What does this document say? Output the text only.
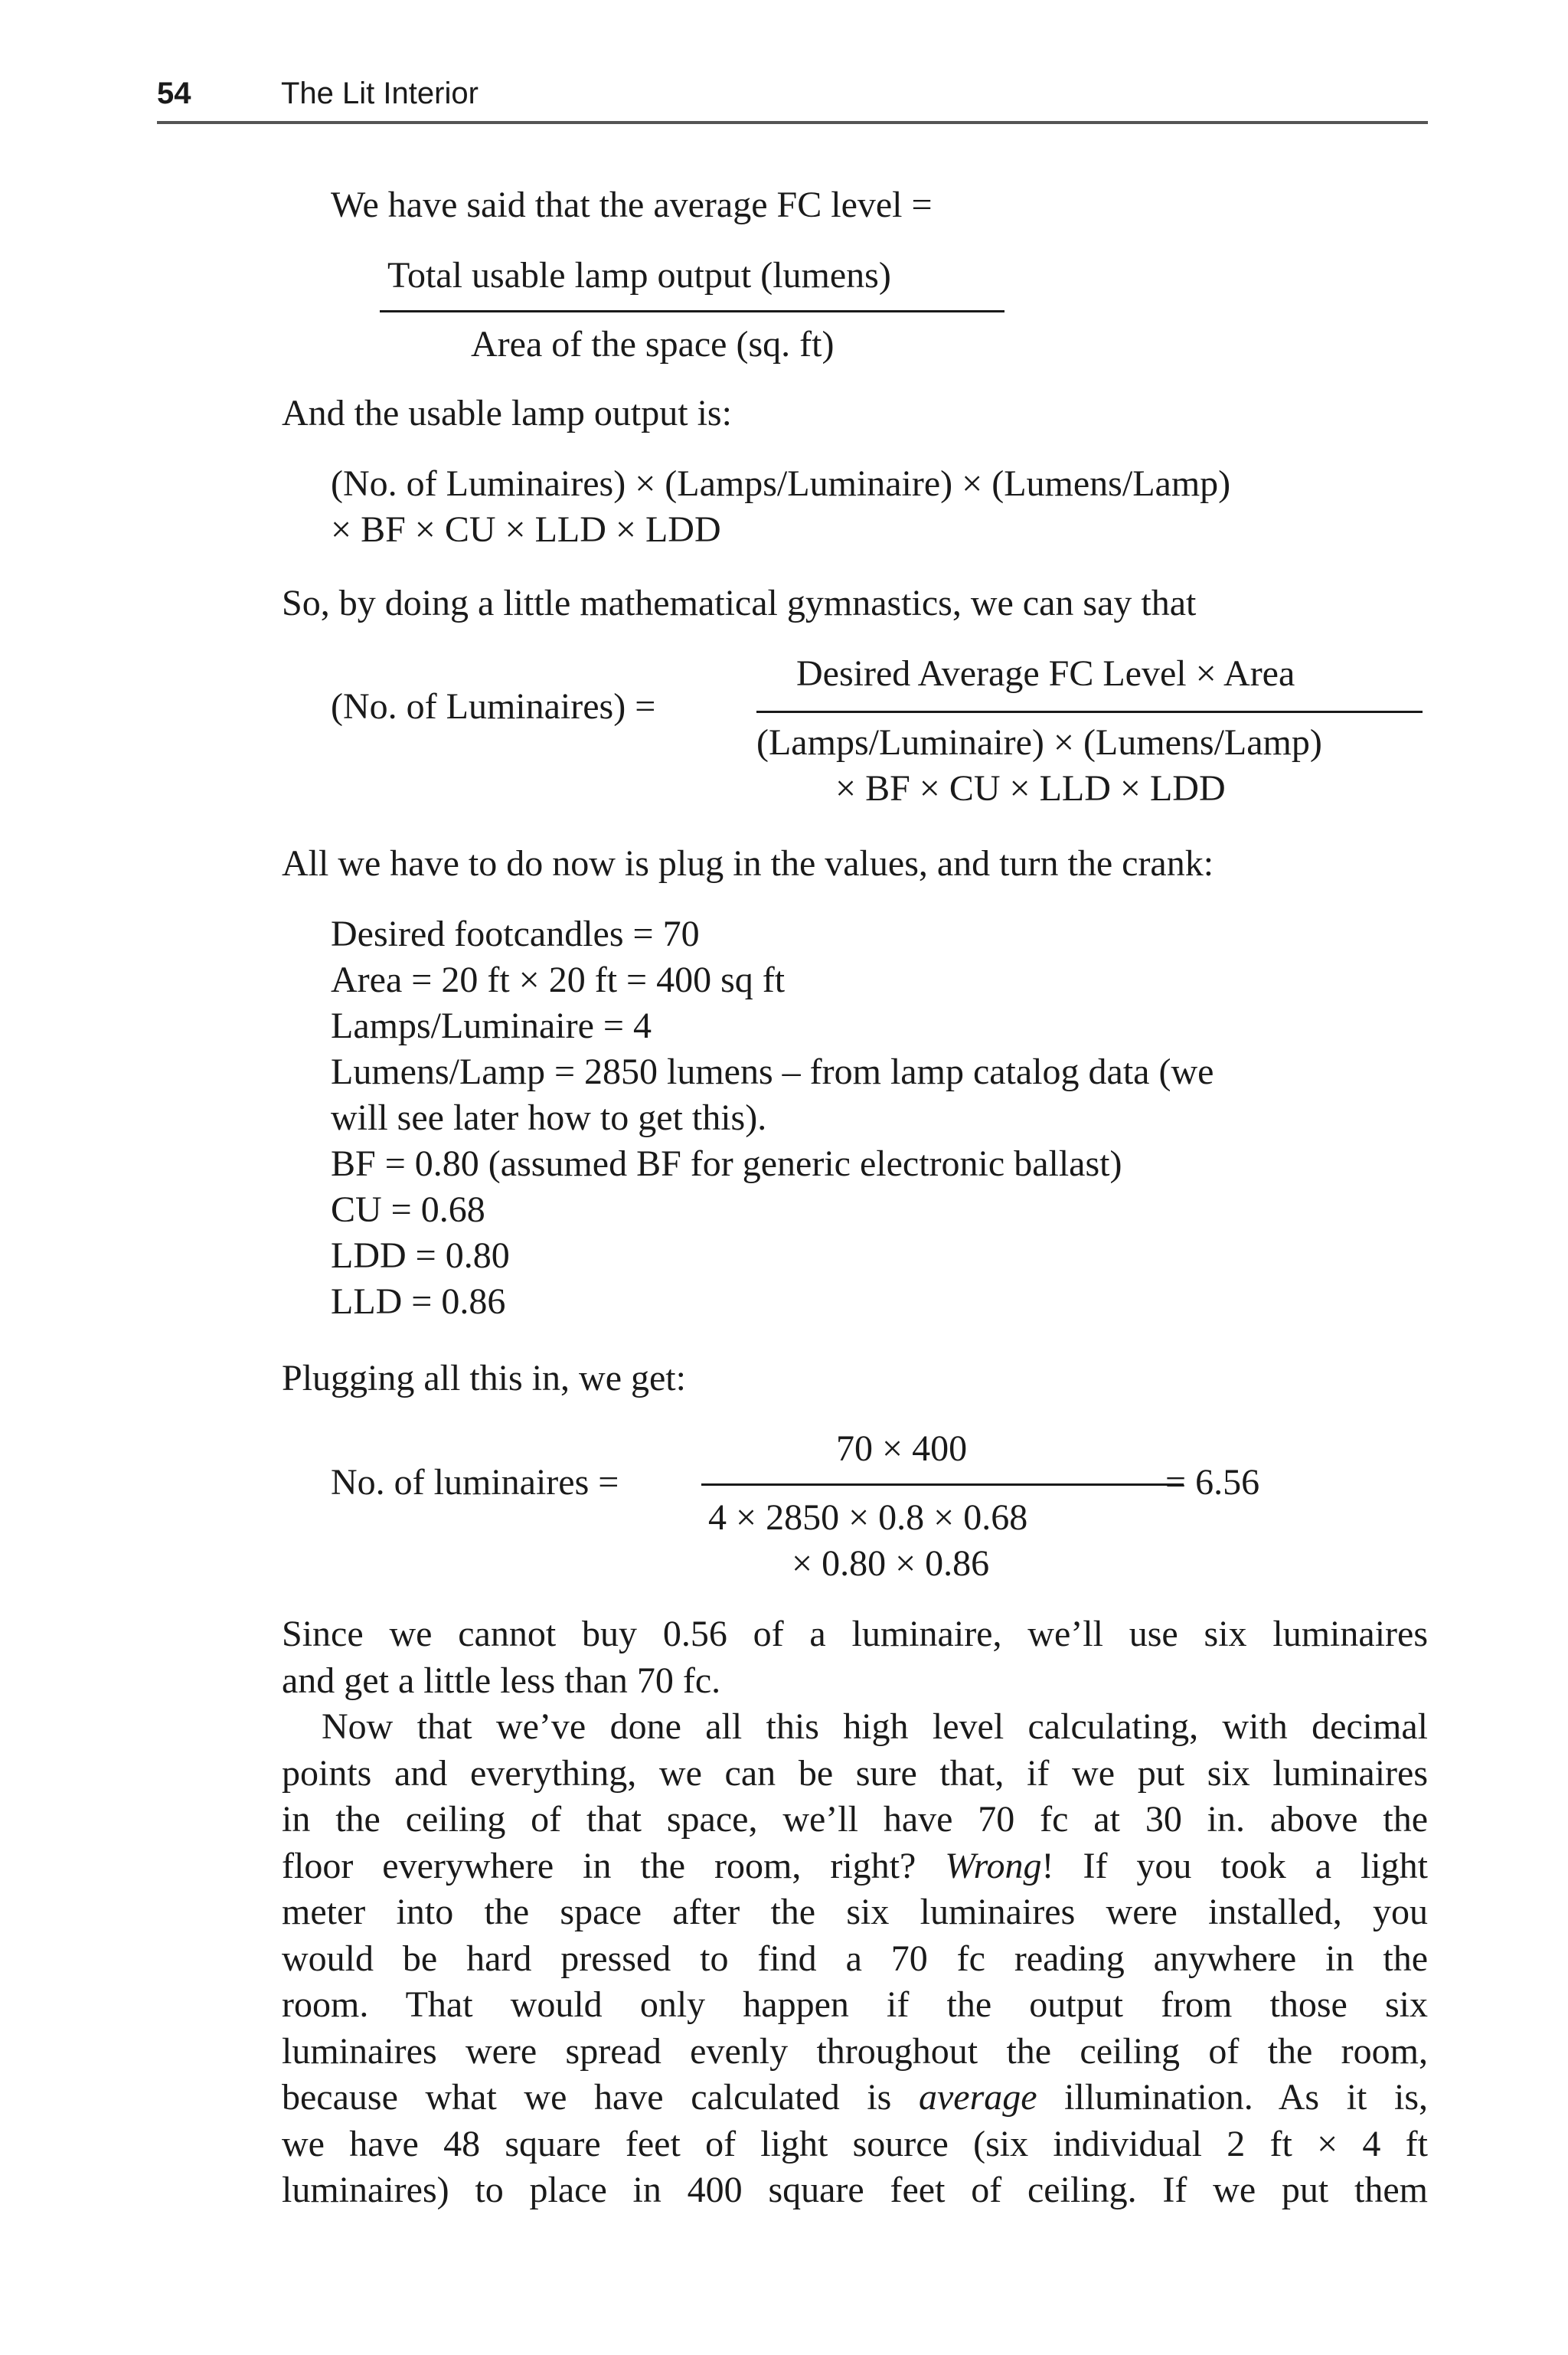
54	The Lit Interior
We have said that the average FC level =
Total usable lamp output (lumens)
Area of the space (sq. ft)
And the usable lamp output is:
(No. of Luminaires) × (Lamps/Luminaire) × (Lumens/Lamp)
× BF × CU × LLD × LDD
So, by doing a little mathematical gymnastics, we can say that
(No. of Luminaires) =
Desired Average FC Level × Area
(Lamps/Luminaire) × (Lumens/Lamp)
× BF × CU × LLD × LDD
All we have to do now is plug in the values, and turn the crank:
Desired footcandles = 70
Area = 20 ft × 20 ft = 400 sq ft
Lamps/Luminaire = 4
Lumens/Lamp = 2850 lumens – from lamp catalog data (we
will see later how to get this).
BF = 0.80 (assumed BF for generic electronic ballast)
CU = 0.68
LDD = 0.80
LLD = 0.86
Plugging all this in, we get:
No. of luminaires =
70 × 400
4 × 2850 × 0.8 × 0.68
× 0.80 × 0.86
= 6.56
Since we cannot buy 0.56 of a luminaire, we’ll use six luminaires
and get a little less than 70 fc.
Now that we’ve done all this high level calculating, with decimal
points and everything, we can be sure that, if we put six luminaires
in the ceiling of that space, we’ll have 70 fc at 30 in. above the
floor everywhere in the room, right? Wrong! If you took a light
meter into the space after the six luminaires were installed, you
would be hard pressed to find a 70 fc reading anywhere in the
room. That would only happen if the output from those six
luminaires were spread evenly throughout the ceiling of the room,
because what we have calculated is average illumination. As it is,
we have 48 square feet of light source (six individual 2 ft × 4 ft
luminaires) to place in 400 square feet of ceiling. If we put them
